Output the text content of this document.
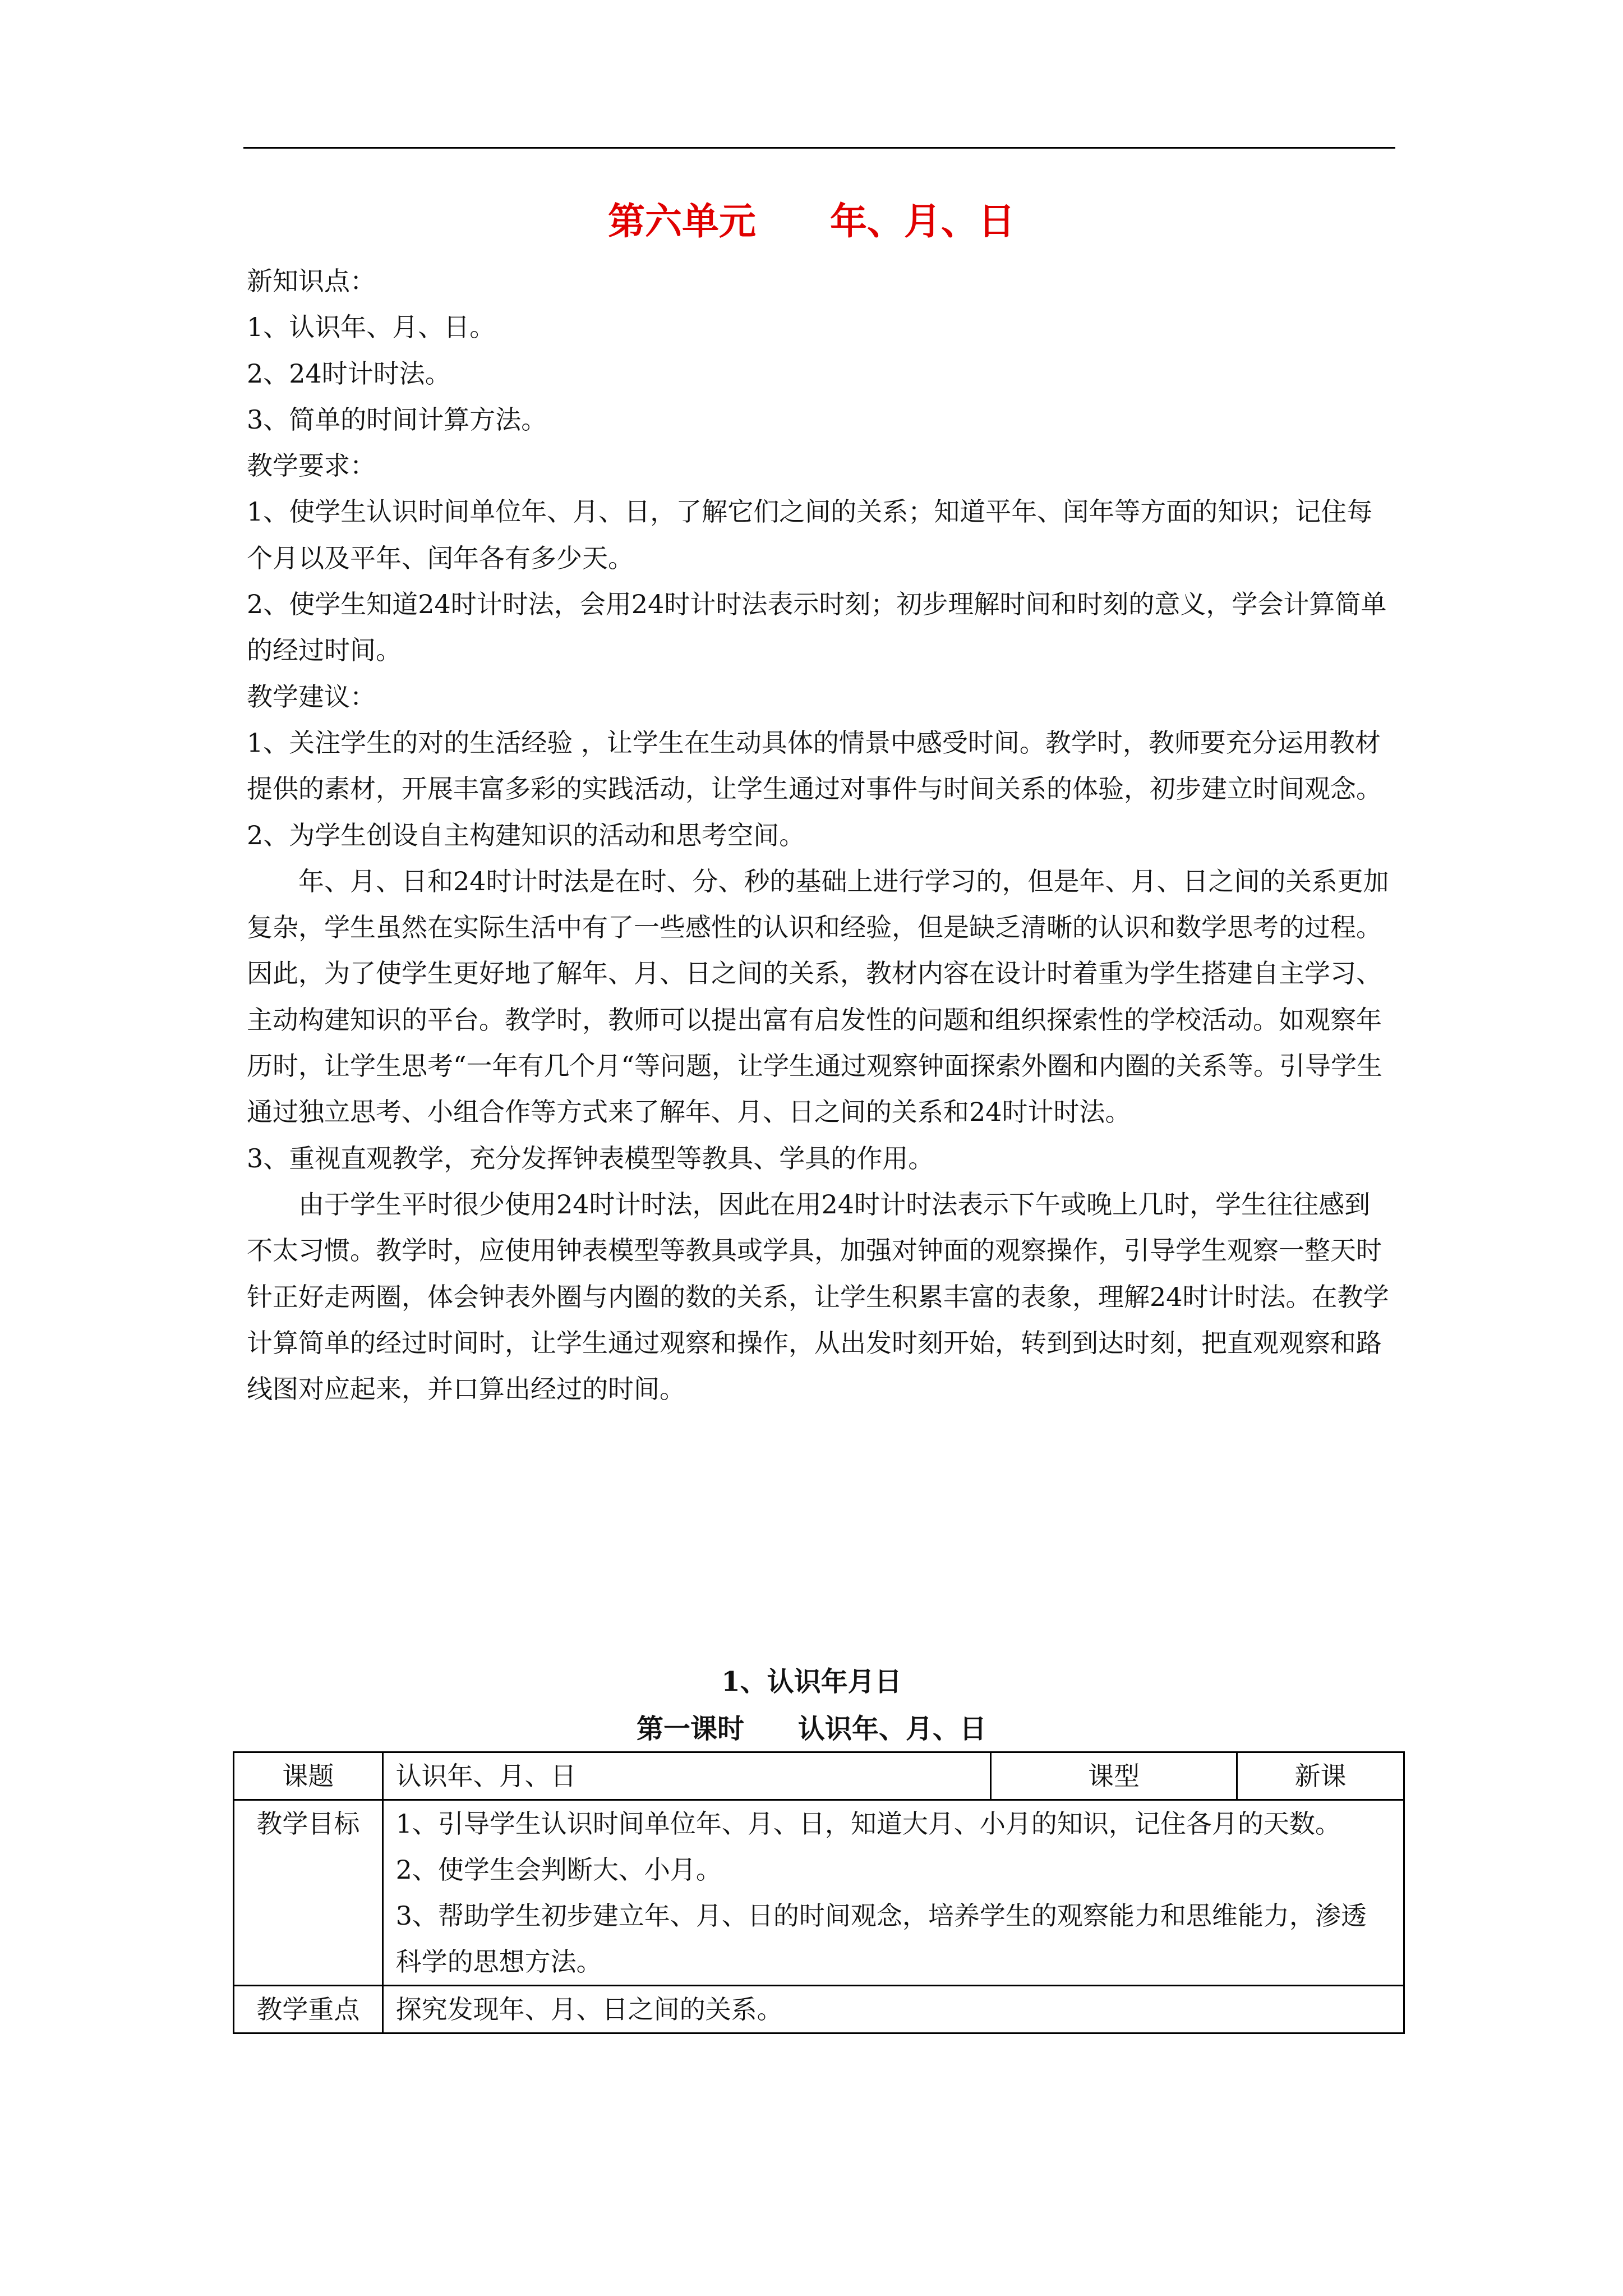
第六单元　　年、月、日

新知识点：

1、认识年、月、日。

2、24时计时法。

3、简单的时间计算方法。

教学要求：

1、使学生认识时间单位年、月、日，了解它们之间的关系；知道平年、闰年等方面的知识；记住每个月以及平年、闰年各有多少天。

2、使学生知道24时计时法，会用24时计时法表示时刻；初步理解时间和时刻的意义，学会计算简单的经过时间。

教学建议：

1、关注学生的对的生活经验 ，让学生在生动具体的情景中感受时间。教学时，教师要充分运用教材提供的素材，开展丰富多彩的实践活动，让学生通过对事件与时间关系的体验，初步建立时间观念。

2、为学生创设自主构建知识的活动和思考空间。

年、月、日和24时计时法是在时、分、秒的基础上进行学习的，但是年、月、日之间的关系更加复杂，学生虽然在实际生活中有了一些感性的认识和经验，但是缺乏清晰的认识和数学思考的过程。因此，为了使学生更好地了解年、月、日之间的关系，教材内容在设计时着重为学生搭建自主学习、主动构建知识的平台。教学时，教师可以提出富有启发性的问题和组织探索性的学校活动。如观察年历时，让学生思考“一年有几个月“等问题，让学生通过观察钟面探索外圈和内圈的关系等。引导学生通过独立思考、小组合作等方式来了解年、月、日之间的关系和24时计时法。

3、重视直观教学，充分发挥钟表模型等教具、学具的作用。

由于学生平时很少使用24时计时法，因此在用24时计时法表示下午或晚上几时，学生往往感到不太习惯。教学时，应使用钟表模型等教具或学具，加强对钟面的观察操作，引导学生观察一整天时针正好走两圈，体会钟表外圈与内圈的数的关系，让学生积累丰富的表象，理解24时计时法。在教学计算简单的经过时间时，让学生通过观察和操作，从出发时刻开始，转到到达时刻，把直观观察和路线图对应起来，并口算出经过的时间。

1、认识年月日
第一课时　　认识年、月、日
课题	认识年、月、日	课型	新课
教学目标	1、引导学生认识时间单位年、月、日，知道大月、小月的知识，记住各月的天数。

2、使学生会判断大、小月。

3、帮助学生初步建立年、月、日的时间观念，培养学生的观察能力和思维能力，渗透科学的思想方法。		

教学重点	探究发现年、月、日之间的关系。		
